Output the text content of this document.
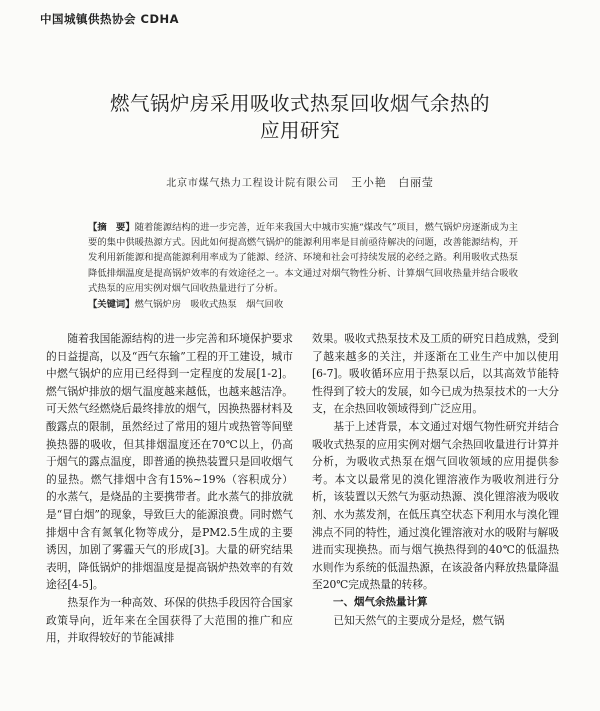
中国城镇供热协会 CDHA
燃气锅炉房采用吸收式热泵回收烟气余热的
应用研究
北京市煤气热力工程设计院有限公司 王小艳　白丽莹
【摘　要】随着能源结构的进一步完善，近年来我国大中城市实施“煤改气”项目，燃气锅炉房逐渐成为主要的集中供暖热源方式。因此如何提高燃气锅炉的能源利用率是目前亟待解决的问题，改善能源结构，开发利用新能源和提高能源利用率成为了能源、经济、环境和社会可持续发展的必经之路。利用吸收式热泵降低排烟温度是提高锅炉效率的有效途径之一。本文通过对烟气物性分析、计算烟气回收热量并结合吸收式热泵的应用实例对烟气回收热量进行了分析。
【关键词】燃气锅炉房　吸收式热泵　烟气回收

随着我国能源结构的进一步完善和环境保护要求的日益提高，以及“西气东输”工程的开工建设，城市中燃气锅炉的应用已经得到一定程度的发展[1-2]。燃气锅炉排放的烟气温度越来越低，也越来越洁净。可天然气经燃烧后最终排放的烟气，因换热器材料及酸露点的限制，虽然经过了常用的翅片或热管等间壁换热器的吸收，但其排烟温度还在70℃以上，仍高于烟气的露点温度，即普通的换热装置只是回收烟气的显热。燃气排烟中含有15%~19%（容积成分）的水蒸气，是烧晶的主要携带者。此水蒸气的排放就是“冒白烟”的现象，导致巨大的能源浪费。同时燃气排烟中含有氮氧化物等成分，是PM2.5生成的主要诱因，加剧了雾霾天气的形成[3]。大量的研究结果表明，降低锅炉的排烟温度是提高锅炉热效率的有效途径[4-5]。

热泵作为一种高效、环保的供热手段因符合国家政策导向，近年来在全国获得了大范围的推广和应用，并取得较好的节能减排

效果。吸收式热泵技术及工质的研究日趋成熟，受到了越来越多的关注，并逐渐在工业生产中加以使用[6-7]。吸收循环应用于热泵以后，以其高效节能特性得到了较大的发展，如今已成为热泵技术的一大分支，在余热回收领域得到广泛应用。

基于上述背景，本文通过对烟气物性研究并结合吸收式热泵的应用实例对烟气余热回收量进行计算并分析，为吸收式热泵在烟气回收领域的应用提供参考。本文以最常见的溴化锂溶液作为吸收剂进行分析，该装置以天然气为驱动热源、溴化锂溶液为吸收剂、水为蒸发剂，在低压真空状态下利用水与溴化锂沸点不同的特性，通过溴化锂溶液对水的吸附与解吸进而实现换热。而与烟气换热得到的40℃的低温热水则作为系统的低温热源，在该設备内释放热量降温至20℃完成热量的转移。

一、烟气余热量计算

已知天然气的主要成分是烃，燃气锅
